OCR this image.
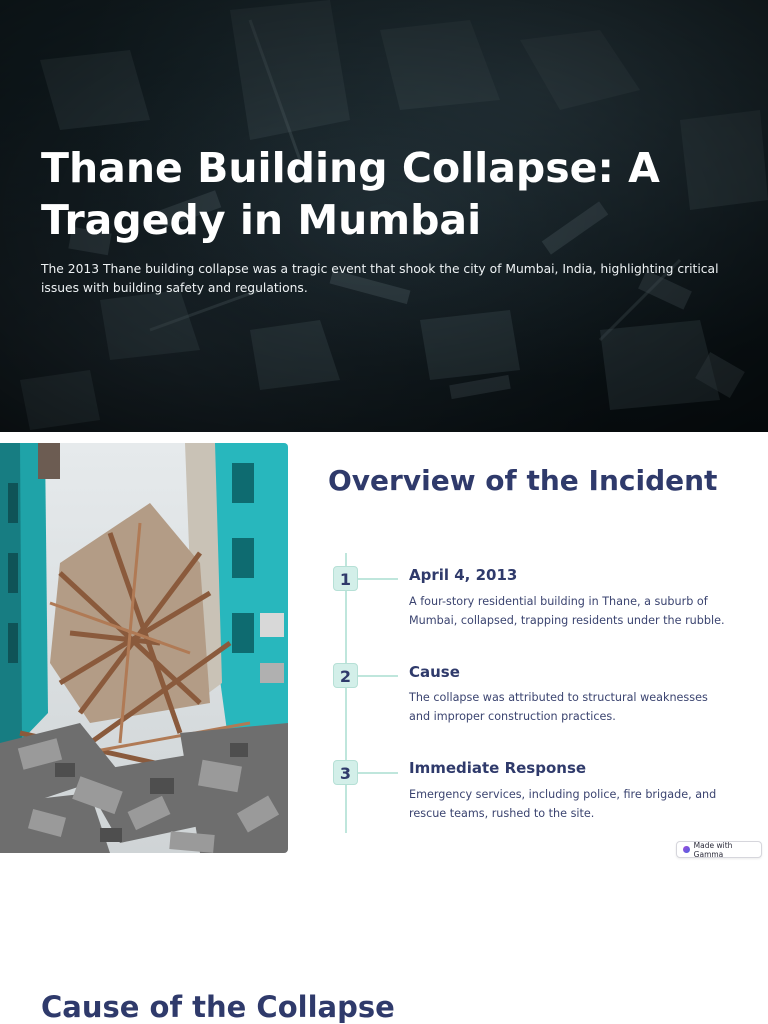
Thane Building Collapse: A Tragedy in Mumbai

The 2013 Thane building collapse was a tragic event that shook the city of Mumbai, India, highlighting critical issues with building safety and regulations.

Overview of the Incident
1	April 4, 2013

A four-story residential building in Thane, a suburb of Mumbai, collapsed, trapping residents under the rubble.

2	Cause

The collapse was attributed to structural weaknesses and improper construction practices.

3	Immediate Response

Emergency services, including police, fire brigade, and rescue teams, rushed to the site.

Made with Gamma
Cause of the Collapse
